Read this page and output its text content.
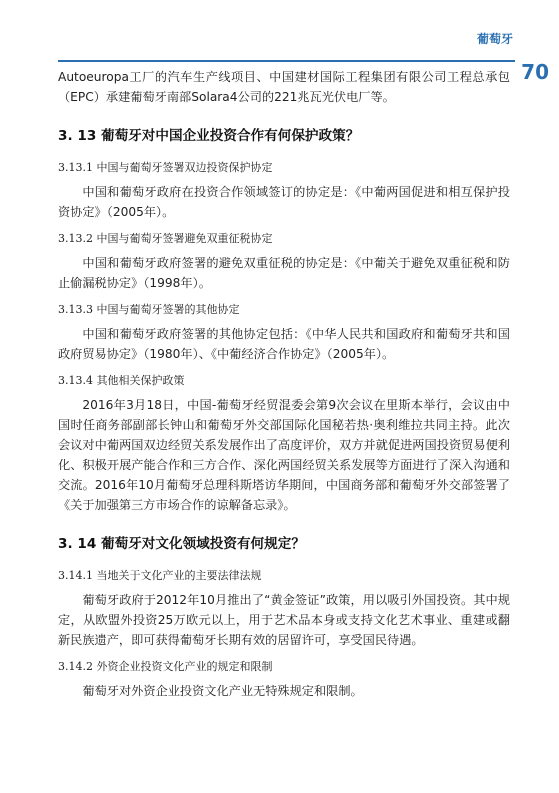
葡萄牙
70

Autoeuropa工厂的汽车生产线项目、中国建材国际工程集团有限公司工程总承包（EPC）承建葡萄牙南部Solara4公司的221兆瓦光伏电厂等。

3. 13 葡萄牙对中国企业投资合作有何保护政策？
3.13.1 中国与葡萄牙签署双边投资保护协定

中国和葡萄牙政府在投资合作领域签订的协定是：《中葡两国促进和相互保护投资协定》（2005年）。

3.13.2 中国与葡萄牙签署避免双重征税协定

中国和葡萄牙政府签署的避免双重征税的协定是：《中葡关于避免双重征税和防止偷漏税协定》（1998年）。

3.13.3 中国与葡萄牙签署的其他协定

中国和葡萄牙政府签署的其他协定包括：《中华人民共和国政府和葡萄牙共和国政府贸易协定》（1980年）、《中葡经济合作协定》（2005年）。

3.13.4 其他相关保护政策

2016年3月18日，中国-葡萄牙经贸混委会第9次会议在里斯本举行，会议由中国时任商务部副部长钟山和葡萄牙外交部国际化国秘若热·奥利维拉共同主持。此次会议对中葡两国双边经贸关系发展作出了高度评价，双方并就促进两国投资贸易便利化、积极开展产能合作和三方合作、深化两国经贸关系发展等方面进行了深入沟通和交流。2016年10月葡萄牙总理科斯塔访华期间，中国商务部和葡萄牙外交部签署了《关于加强第三方市场合作的谅解备忘录》。

3. 14 葡萄牙对文化领域投资有何规定？
3.14.1 当地关于文化产业的主要法律法规

葡萄牙政府于2012年10月推出了“黄金签证”政策，用以吸引外国投资。其中规定，从欧盟外投资25万欧元以上，用于艺术品本身或支持文化艺术事业、重建或翻新民族遗产，即可获得葡萄牙长期有效的居留许可，享受国民待遇。

3.14.2 外资企业投资文化产业的规定和限制

葡萄牙对外资企业投资文化产业无特殊规定和限制。
